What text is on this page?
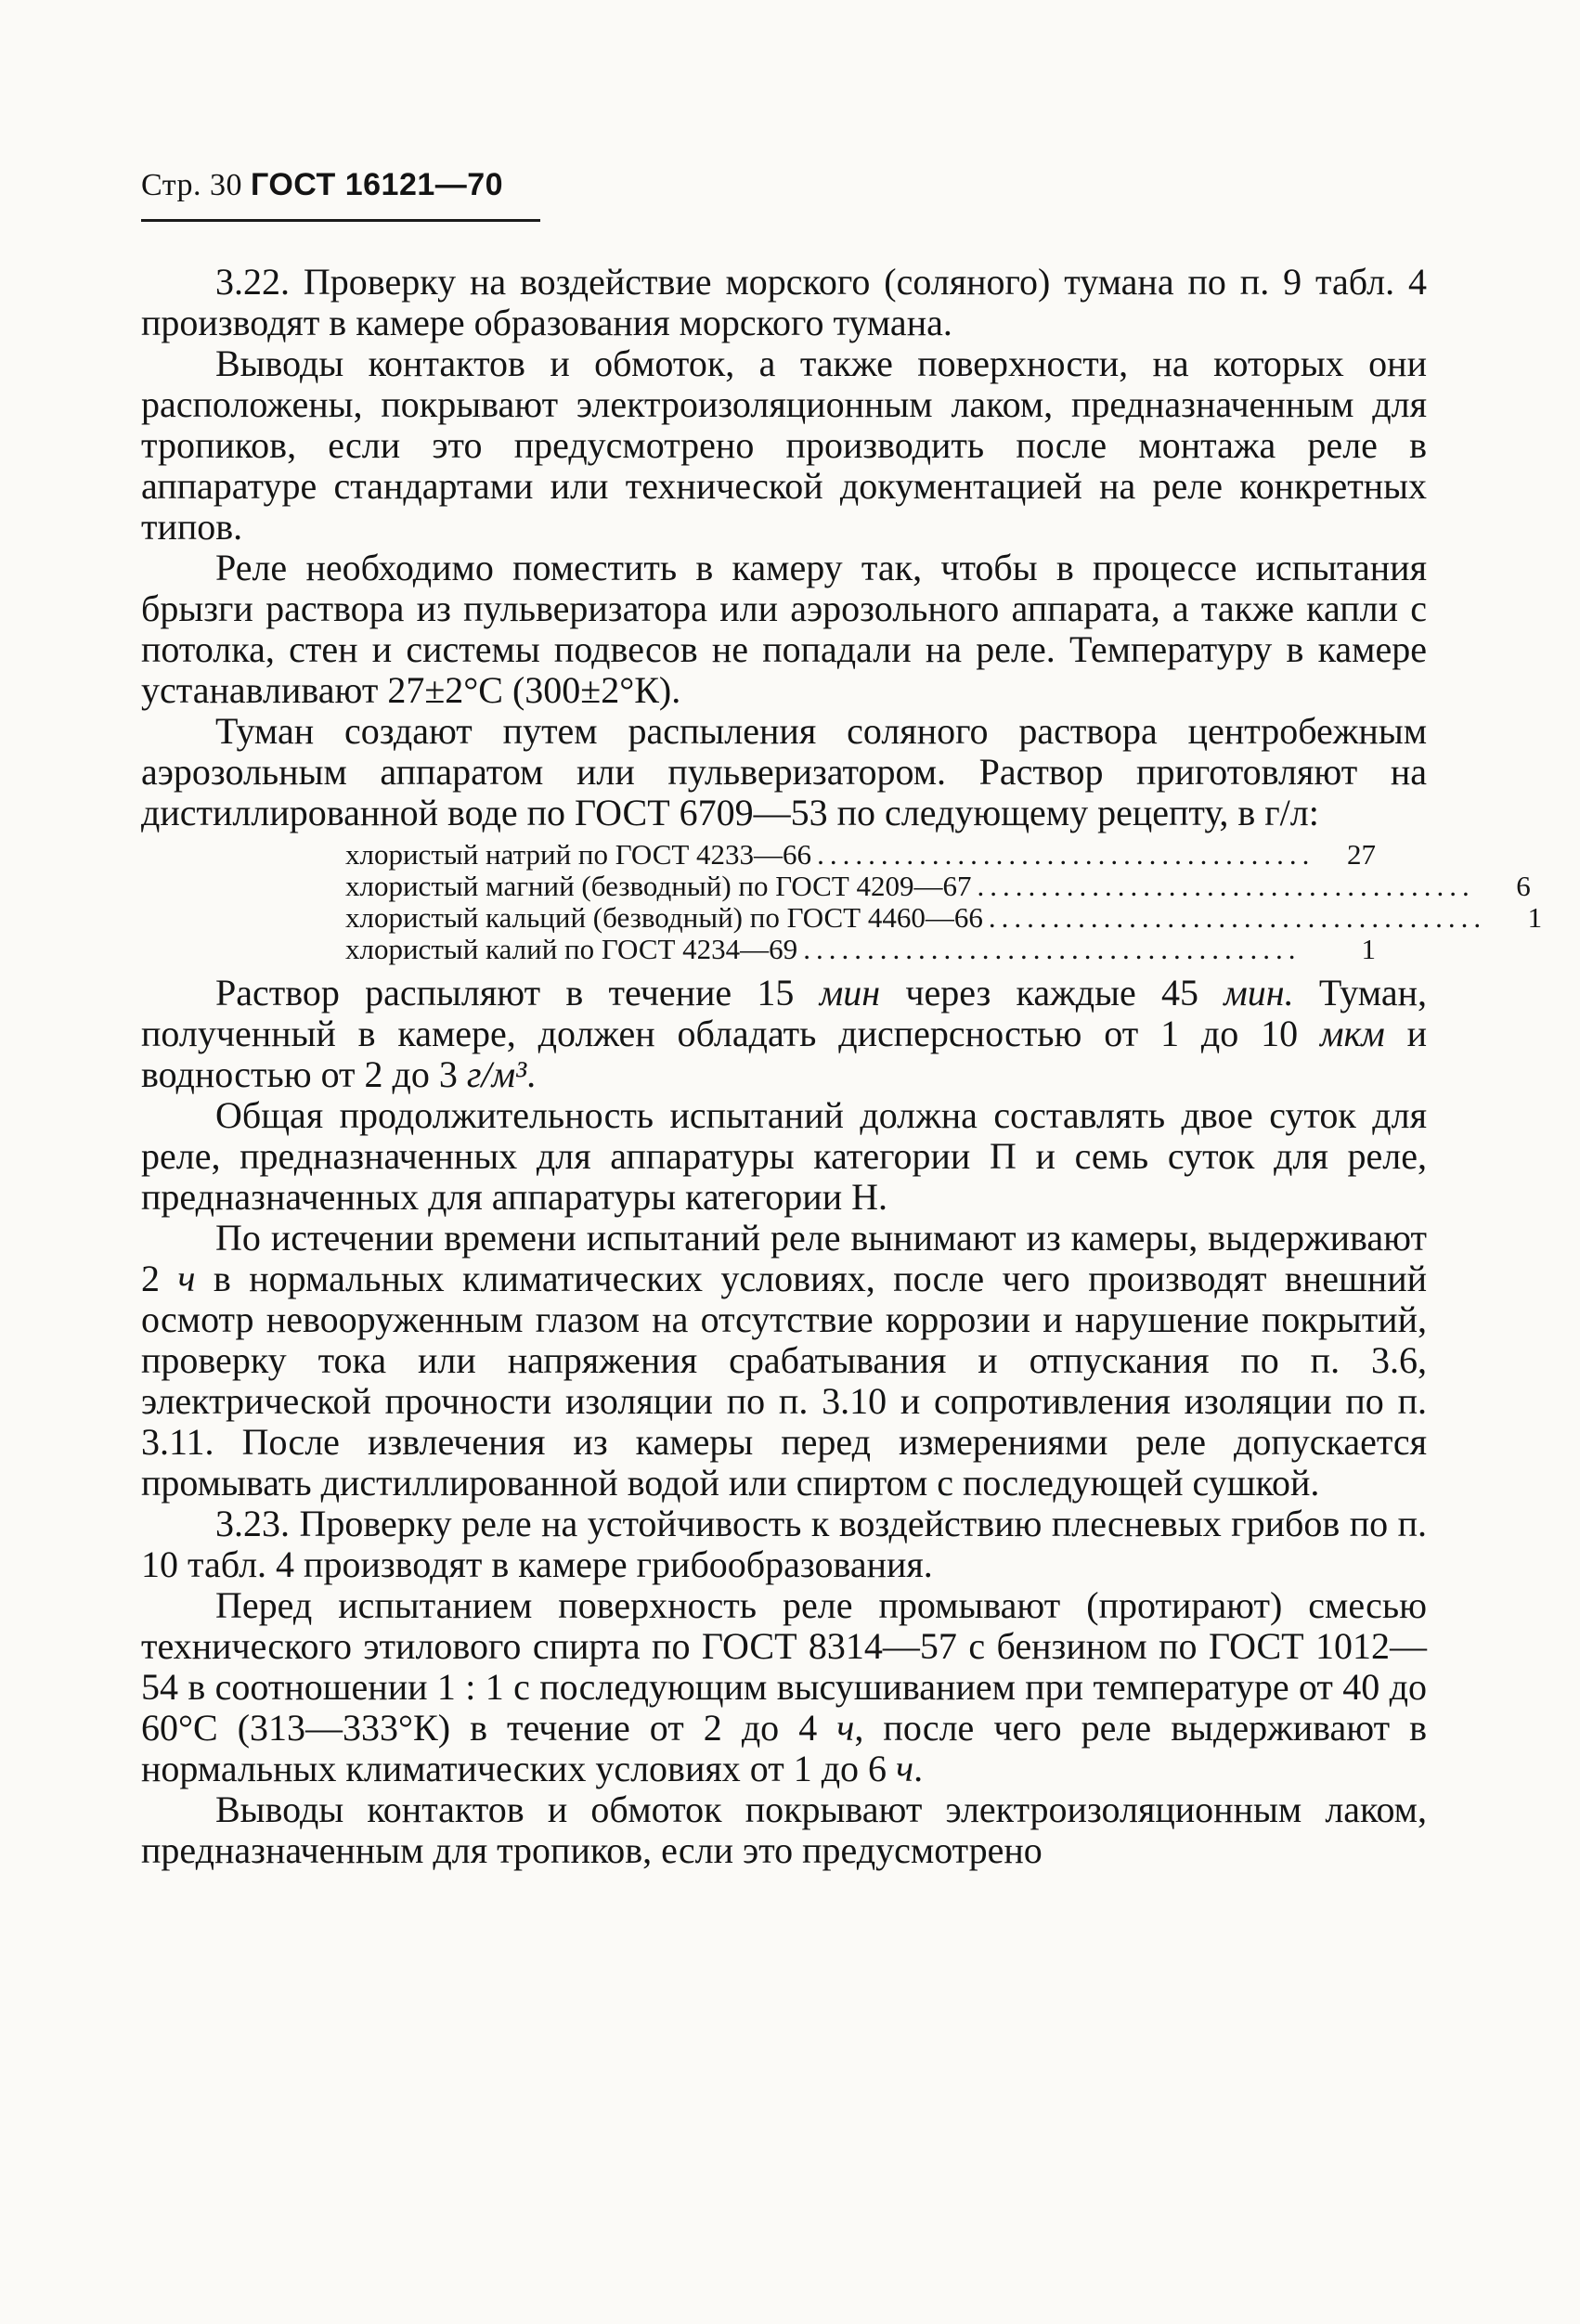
Стр. 30 ГОСТ 16121—70

3.22. Проверку на воздействие морского (соляного) тумана по п. 9 табл. 4 производят в камере образования морского тумана.

Выводы контактов и обмоток, а также поверхности, на которых они расположены, покрывают электроизоляционным лаком, предназначенным для тропиков, если это предусмотрено производить после монтажа реле в аппаратуре стандартами или технической документацией на реле конкретных типов.

Реле необходимо поместить в камеру так, чтобы в процессе испытания брызги раствора из пульверизатора или аэрозольного аппарата, а также капли с потолка, стен и системы подвесов не попадали на реле. Температуру в камере устанавливают 27±2°С (300±2°К).

Туман создают путем распыления соляного раствора центробежным аэрозольным аппаратом или пульверизатором. Раствор приготовляют на дистиллированной воде по ГОСТ 6709—53 по следующему рецепту, в г/л:

хлористый натрий по ГОСТ 4233—66 .......................................	27
хлористый магний (безводный) по ГОСТ 4209—67 .......................................	6
хлористый кальций (безводный) по ГОСТ 4460—66 .......................................	1
хлористый калий по ГОСТ 4234—69 .......................................	1

Раствор распыляют в течение 15 мин через каждые 45 мин. Туман, полученный в камере, должен обладать дисперсностью от 1 до 10 мкм и водностью от 2 до 3 г/м³.

Общая продолжительность испытаний должна составлять двое суток для реле, предназначенных для аппаратуры категории П и семь суток для реле, предназначенных для аппаратуры категории Н.

По истечении времени испытаний реле вынимают из камеры, выдерживают 2 ч в нормальных климатических условиях, после чего производят внешний осмотр невооруженным глазом на отсутствие коррозии и нарушение покрытий, проверку тока или напряжения срабатывания и отпускания по п. 3.6, электрической прочности изоляции по п. 3.10 и сопротивления изоляции по п. 3.11. После извлечения из камеры перед измерениями реле допускается промывать дистиллированной водой или спиртом с последующей сушкой.

3.23. Проверку реле на устойчивость к воздействию плесневых грибов по п. 10 табл. 4 производят в камере грибообразования.

Перед испытанием поверхность реле промывают (протирают) смесью технического этилового спирта по ГОСТ 8314—57 с бензином по ГОСТ 1012—54 в соотношении 1 : 1 с последующим высушиванием при температуре от 40 до 60°С (313—333°К) в течение от 2 до 4 ч, после чего реле выдерживают в нормальных климатических условиях от 1 до 6 ч.

Выводы контактов и обмоток покрывают электроизоляционным лаком, предназначенным для тропиков, если это предусмотрено
